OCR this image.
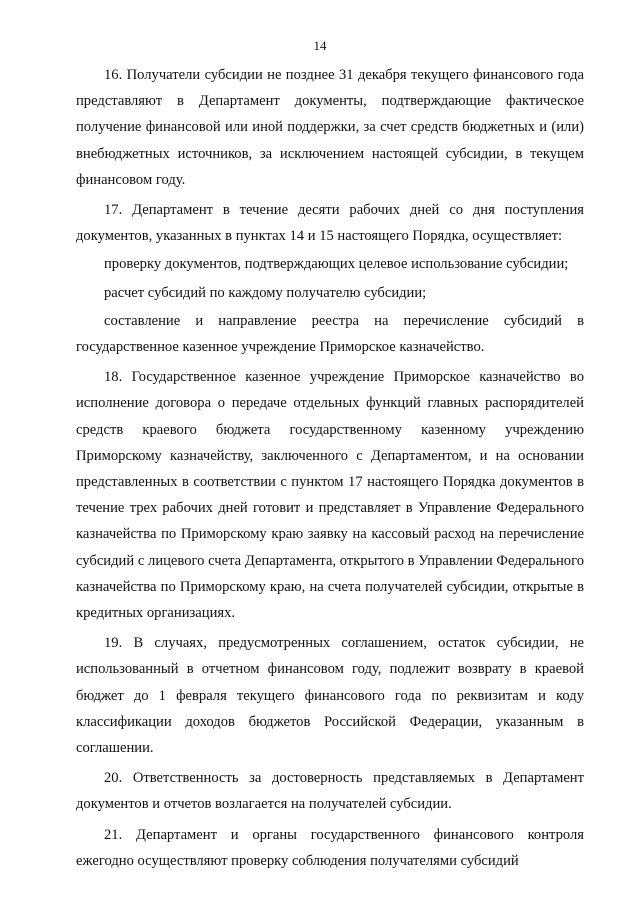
14

16. Получатели субсидии не позднее 31 декабря текущего финансового года представляют в Департамент документы, подтверждающие фактическое получение финансовой или иной поддержки, за счет средств бюджетных и (или) внебюджетных источников, за исключением настоящей субсидии, в текущем финансовом году.

17. Департамент в течение десяти рабочих дней со дня поступления документов, указанных в пунктах 14 и 15 настоящего Порядка, осуществляет:

проверку документов, подтверждающих целевое использование субсидии;

расчет субсидий по каждому получателю субсидии;

составление и направление реестра на перечисление субсидий в государственное казенное учреждение Приморское казначейство.

18. Государственное казенное учреждение Приморское казначейство во исполнение договора о передаче отдельных функций главных распорядителей средств краевого бюджета государственному казенному учреждению Приморскому казначейству, заключенного с Департаментом, и на основании представленных в соответствии с пунктом 17 настоящего Порядка документов в течение трех рабочих дней готовит и представляет в Управление Федерального казначейства по Приморскому краю заявку на кассовый расход на перечисление субсидий с лицевого счета Департамента, открытого в Управлении Федерального казначейства по Приморскому краю, на счета получателей субсидии, открытые в кредитных организациях.

19. В случаях, предусмотренных соглашением, остаток субсидии, не использованный в отчетном финансовом году, подлежит возврату в краевой бюджет до 1 февраля текущего финансового года по реквизитам и коду классификации доходов бюджетов Российской Федерации, указанным в соглашении.

20. Ответственность за достоверность представляемых в Департамент документов и отчетов возлагается на получателей субсидии.

21. Департамент и органы государственного финансового контроля ежегодно осуществляют проверку соблюдения получателями субсидий
